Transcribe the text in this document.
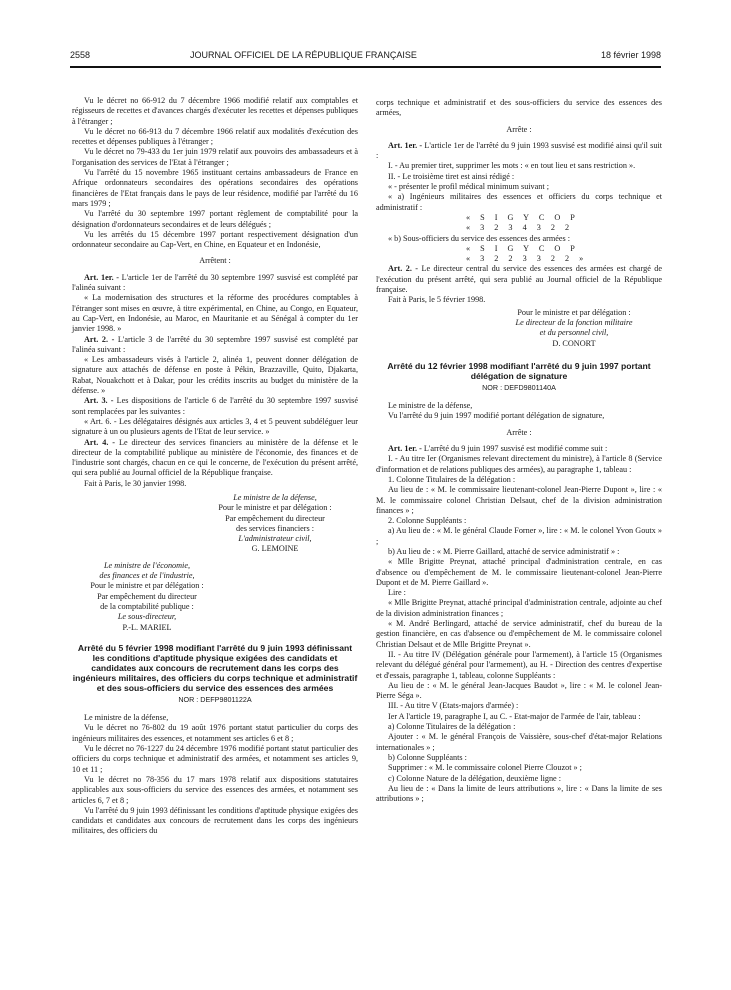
2558	JOURNAL OFFICIEL DE LA RÉPUBLIQUE FRANÇAISE	18 février 1998

Vu le décret no 66-912 du 7 décembre 1966 modifié relatif aux comptables et régisseurs de recettes et d'avances chargés d'exécuter les recettes et dépenses publiques à l'étranger ;

Vu le décret no 66-913 du 7 décembre 1966 relatif aux modalités d'exécution des recettes et dépenses publiques à l'étranger ;

Vu le décret no 79-433 du 1er juin 1979 relatif aux pouvoirs des ambassadeurs et à l'organisation des services de l'Etat à l'étranger ;

Vu l'arrêté du 15 novembre 1965 instituant certains ambassadeurs de France en Afrique ordonnateurs secondaires des opérations secondaires des opérations financières de l'Etat français dans le pays de leur résidence, modifié par l'arrêté du 16 mars 1979 ;

Vu l'arrêté du 30 septembre 1997 portant règlement de comptabilité pour la désignation d'ordonnateurs secondaires et de leurs délégués ;

Vu les arrêtés du 15 décembre 1997 portant respectivement désignation d'un ordonnateur secondaire au Cap-Vert, en Chine, en Equateur et en Indonésie,

Arrêtent :

Art. 1er. - L'article 1er de l'arrêté du 30 septembre 1997 susvisé est complété par l'alinéa suivant :

« La modernisation des structures et la réforme des procédures comptables à l'étranger sont mises en œuvre, à titre expérimental, en Chine, au Congo, en Equateur, au Cap-Vert, en Indonésie, au Maroc, en Mauritanie et au Sénégal à compter du 1er janvier 1998. »

Art. 2. - L'article 3 de l'arrêté du 30 septembre 1997 susvisé est complété par l'alinéa suivant :

« Les ambassadeurs visés à l'article 2, alinéa 1, peuvent donner délégation de signature aux attachés de défense en poste à Pékin, Brazzaville, Quito, Djakarta, Rabat, Nouakchott et à Dakar, pour les crédits inscrits au budget du ministère de la défense. »

Art. 3. - Les dispositions de l'article 6 de l'arrêté du 30 septembre 1997 susvisé sont remplacées par les suivantes :

« Art. 6. - Les délégataires désignés aux articles 3, 4 et 5 peuvent subdéléguer leur signature à un ou plusieurs agents de l'Etat de leur service. »

Art. 4. - Le directeur des services financiers au ministère de la défense et le directeur de la comptabilité publique au ministère de l'économie, des finances et de l'industrie sont chargés, chacun en ce qui le concerne, de l'exécution du présent arrêté, qui sera publié au Journal officiel de la République française.

Fait à Paris, le 30 janvier 1998.

Le ministre de la défense,

Pour le ministre et par délégation :

Par empêchement du directeur

des services financiers :

L'administrateur civil,

G. LEMOINE

Le ministre de l'économie,

des finances et de l'industrie,

Pour le ministre et par délégation :

Par empêchement du directeur

de la comptabilité publique :

Le sous-directeur,

P.-L. MARIEL

Arrêté du 5 février 1998 modifiant l'arrêté du 9 juin 1993 définissant les conditions d'aptitude physique exigées des candidats et candidates aux concours de recrutement dans les corps des ingénieurs militaires, des officiers du corps technique et administratif et des sous-officiers du service des essences des armées
NOR : DEFP9801122A

Le ministre de la défense,

Vu le décret no 76-802 du 19 août 1976 portant statut particulier du corps des ingénieurs militaires des essences, et notamment ses articles 6 et 8 ;

Vu le décret no 76-1227 du 24 décembre 1976 modifié portant statut particulier des officiers du corps technique et administratif des armées, et notamment ses articles 9, 10 et 11 ;

Vu le décret no 78-356 du 17 mars 1978 relatif aux dispositions statutaires applicables aux sous-officiers du service des essences des armées, et notamment ses articles 6, 7 et 8 ;

Vu l'arrêté du 9 juin 1993 définissant les conditions d'aptitude physique exigées des candidats et candidates aux concours de recrutement dans les corps des ingénieurs militaires, des officiers du

corps technique et administratif et des sous-officiers du service des essences des armées,

Arrête :

Art. 1er. - L'article 1er de l'arrêté du 9 juin 1993 susvisé est modifié ainsi qu'il suit :

I. - Au premier tiret, supprimer les mots : « en tout lieu et sans restriction ».

II. - Le troisième tiret est ainsi rédigé :

« - présenter le profil médical minimum suivant ;

« a) Ingénieurs militaires des essences et officiers du corps technique et administratif :

« S I G Y C O P

« 3 2 3 4 3 2 2

« b) Sous-officiers du service des essences des armées :

« S I G Y C O P

« 3 2 2 3 3 2 2 »

Art. 2. - Le directeur central du service des essences des armées est chargé de l'exécution du présent arrêté, qui sera publié au Journal officiel de la République française.

Fait à Paris, le 5 février 1998.

Pour le ministre et par délégation :

Le directeur de la fonction militaire

et du personnel civil,

D. CONORT

Arrêté du 12 février 1998 modifiant l'arrêté du 9 juin 1997 portant délégation de signature
NOR : DEFD9801140A

Le ministre de la défense,

Vu l'arrêté du 9 juin 1997 modifié portant délégation de signature,

Arrête :

Art. 1er. - L'arrêté du 9 juin 1997 susvisé est modifié comme suit :

I. - Au titre Ier (Organismes relevant directement du ministre), à l'article 8 (Service d'information et de relations publiques des armées), au paragraphe 1, tableau :

1. Colonne Titulaires de la délégation :

Au lieu de : « M. le commissaire lieutenant-colonel Jean-Pierre Dupont », lire : « M. le commissaire colonel Christian Delsaut, chef de la division administration finances » ;

2. Colonne Suppléants :

a) Au lieu de : « M. le général Claude Forner », lire : « M. le colonel Yvon Goutx » ;

b) Au lieu de : « M. Pierre Gaillard, attaché de service administratif » :

« Mlle Brigitte Preynat, attaché principal d'administration centrale, en cas d'absence ou d'empêchement de M. le commissaire lieutenant-colonel Jean-Pierre Dupont et de M. Pierre Gaillard ».

Lire :

« Mlle Brigitte Preynat, attaché principal d'administration centrale, adjointe au chef de la division administration finances ;

« M. André Berlingard, attaché de service administratif, chef du bureau de la gestion financière, en cas d'absence ou d'empêchement de M. le commissaire colonel Christian Delsaut et de Mlle Brigitte Preynat ».

II. - Au titre IV (Délégation générale pour l'armement), à l'article 15 (Organismes relevant du délégué général pour l'armement), au H. - Direction des centres d'expertise et d'essais, paragraphe 1, tableau, colonne Suppléants :

Au lieu de : « M. le général Jean-Jacques Baudot », lire : « M. le colonel Jean-Pierre Séga ».

III. - Au titre V (Etats-majors d'armée) :

Ier A l'article 19, paragraphe I, au C. - Etat-major de l'armée de l'air, tableau :

a) Colonne Titulaires de la délégation :

Ajouter : « M. le général François de Vaissière, sous-chef d'état-major Relations internationales » ;

b) Colonne Suppléants :

Supprimer : « M. le commissaire colonel Pierre Clouzot » ;

c) Colonne Nature de la délégation, deuxième ligne :

Au lieu de : « Dans la limite de leurs attributions », lire : « Dans la limite de ses attributions » ;
